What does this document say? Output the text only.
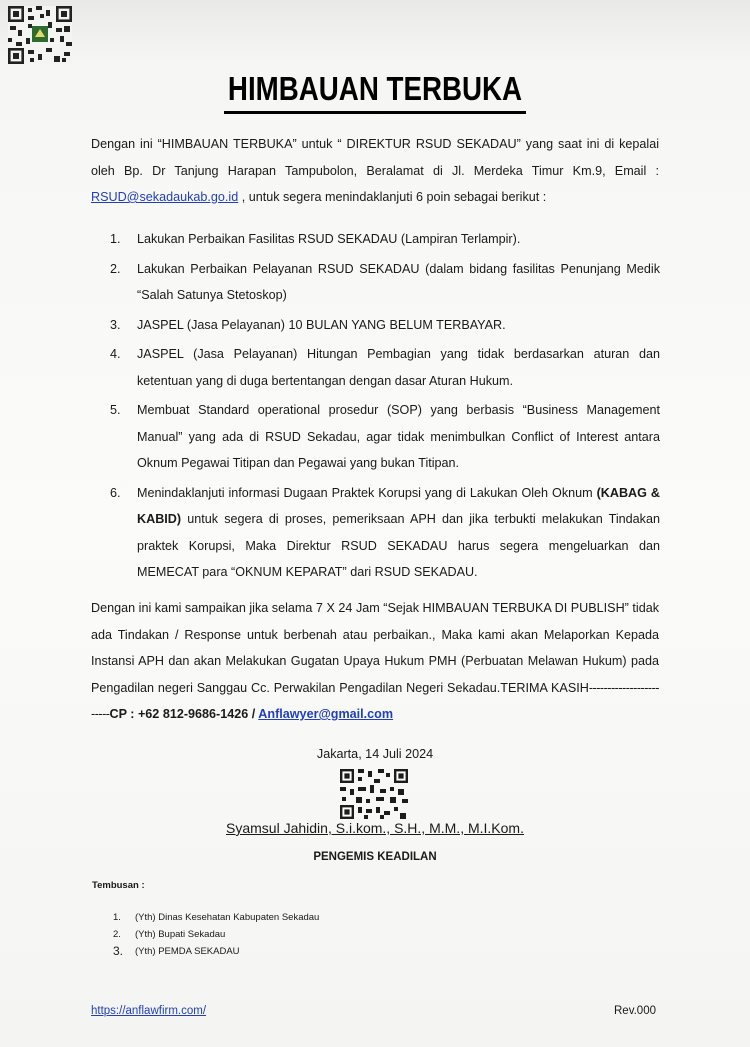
HIMBAUAN TERBUKA

Dengan ini “HIMBAUAN TERBUKA” untuk “ DIREKTUR RSUD SEKADAU” yang saat ini di kepalai oleh Bp. Dr Tanjung Harapan Tampubolon, Beralamat di Jl. Merdeka Timur Km.9, Email : RSUD@sekadaukab.go.id , untuk segera menindaklanjuti 6 poin sebagai berikut :

1. Lakukan Perbaikan Fasilitas RSUD SEKADAU (Lampiran Terlampir).
2. Lakukan Perbaikan Pelayanan RSUD SEKADAU (dalam bidang fasilitas Penunjang Medik “Salah Satunya Stetoskop)
3. JASPEL (Jasa Pelayanan) 10 BULAN YANG BELUM TERBAYAR.
4. JASPEL (Jasa Pelayanan) Hitungan Pembagian yang tidak berdasarkan aturan dan ketentuan yang di duga bertentangan dengan dasar Aturan Hukum.
5. Membuat Standard operational prosedur (SOP) yang berbasis “Business Management Manual” yang ada di RSUD Sekadau, agar tidak menimbulkan Conflict of Interest antara Oknum Pegawai Titipan dan Pegawai yang bukan Titipan.
6. Menindaklanjuti informasi Dugaan Praktek Korupsi yang di Lakukan Oleh Oknum (KABAG & KABID) untuk segera di proses, pemeriksaan APH dan jika terbukti melakukan Tindakan praktek Korupsi, Maka Direktur RSUD SEKADAU harus segera mengeluarkan dan MEMECAT para “OKNUM KEPARAT” dari RSUD SEKADAU.

Dengan ini kami sampaikan jika selama 7 X 24 Jam “Sejak HIMBAUAN TERBUKA DI PUBLISH” tidak ada Tindakan / Response untuk berbenah atau perbaikan., Maka kami akan Melaporkan Kepada Instansi APH dan akan Melakukan Gugatan Upaya Hukum PMH (Perbuatan Melawan Hukum) pada Pengadilan negeri Sanggau Cc. Perwakilan Pengadilan Negeri Sekadau.TERIMA KASIH------------------------CP : +62 812-9686-1426 / Anflawyer@gmail.com

Jakarta, 14 Juli 2024
Syamsul Jahidin, S.i.kom., S.H., M.M., M.I.Kom.
PENGEMIS KEADILAN
Tembusan :
1. (Yth) Dinas Kesehatan Kabupaten Sekadau
2. (Yth) Bupati Sekadau
3. (Yth) PEMDA SEKADAU
https://anflawfirm.com/	Rev.000
